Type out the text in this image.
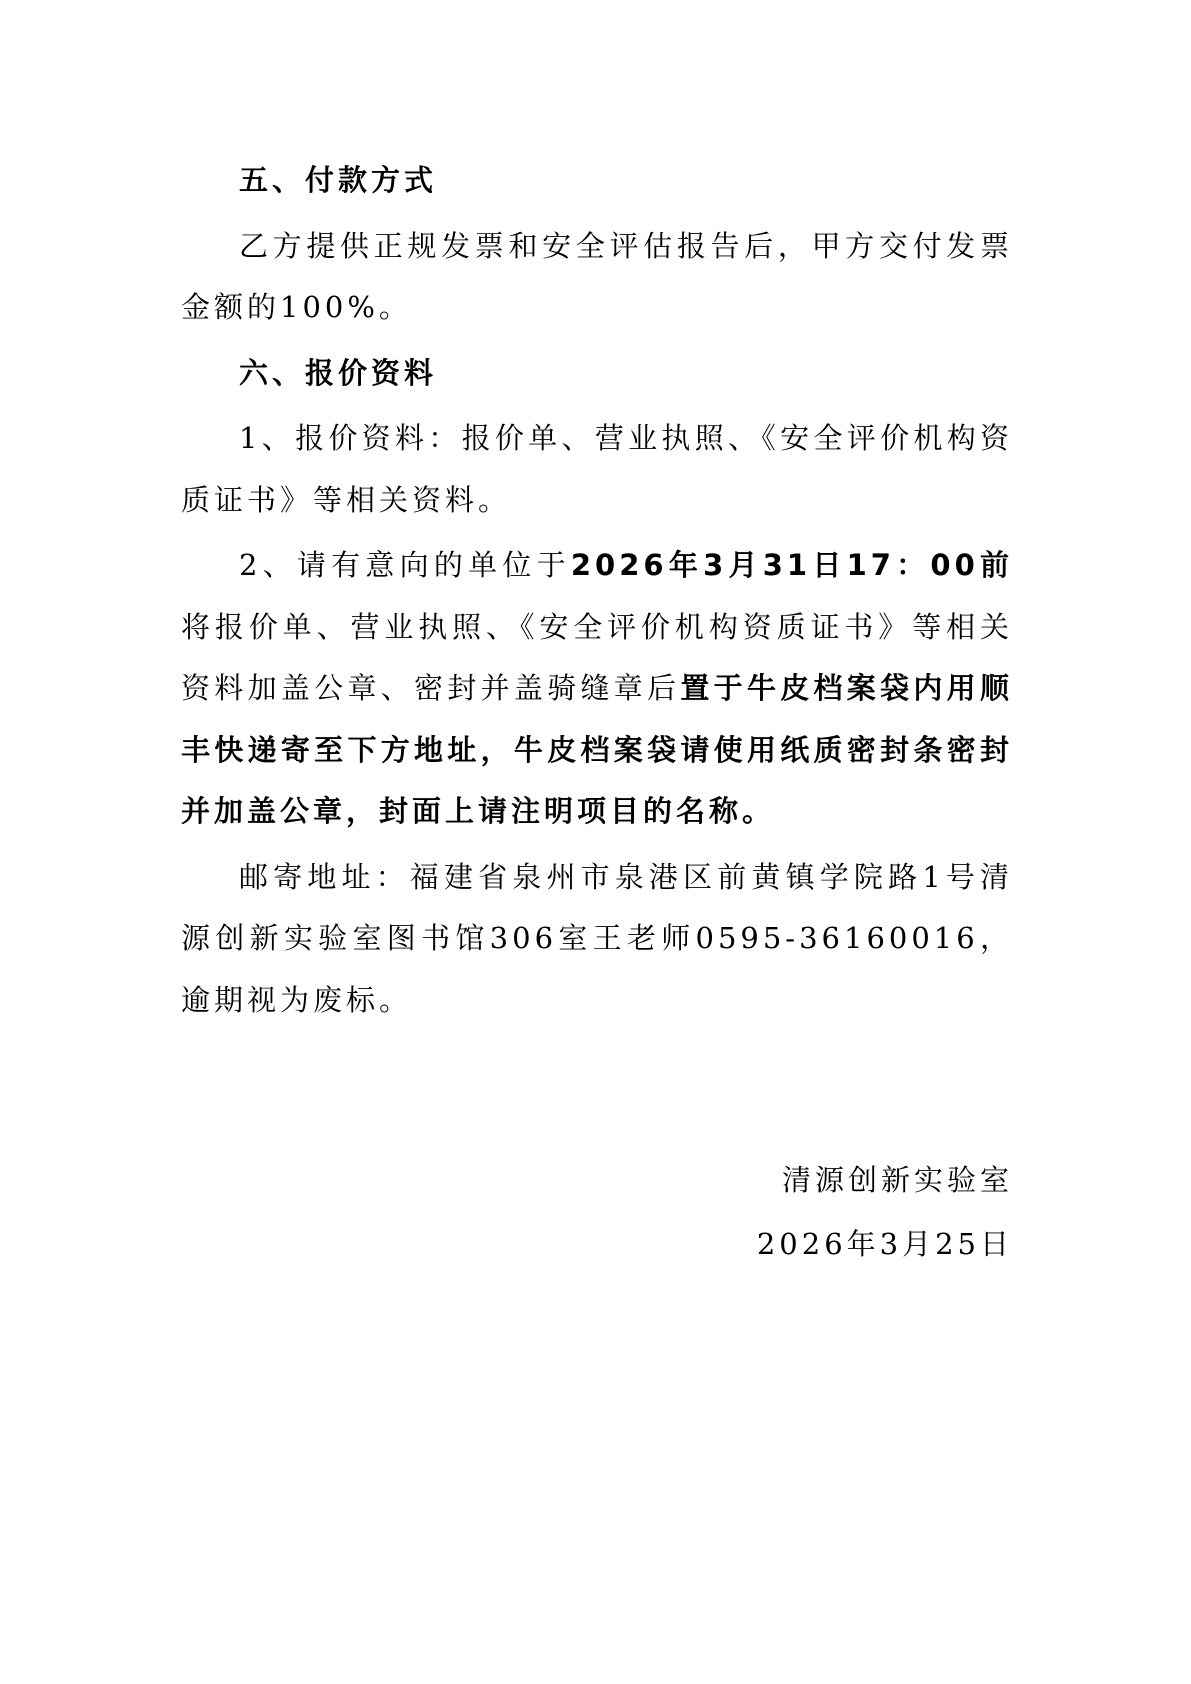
五、付款方式

乙方提供正规发票和安全评估报告后，甲方交付发票金额的100%。

六、报价资料

1、报价资料：报价单、营业执照、《安全评价机构资质证书》等相关资料。

2、请有意向的单位于2026年3月31日17：00前将报价单、营业执照、《安全评价机构资质证书》等相关资料加盖公章、密封并盖骑缝章后置于牛皮档案袋内用顺丰快递寄至下方地址，牛皮档案袋请使用纸质密封条密封并加盖公章，封面上请注明项目的名称。

邮寄地址：福建省泉州市泉港区前黄镇学院路1号清源创新实验室图书馆306室王老师0595-36160016，逾期视为废标。

清源创新实验室
2026年3月25日
